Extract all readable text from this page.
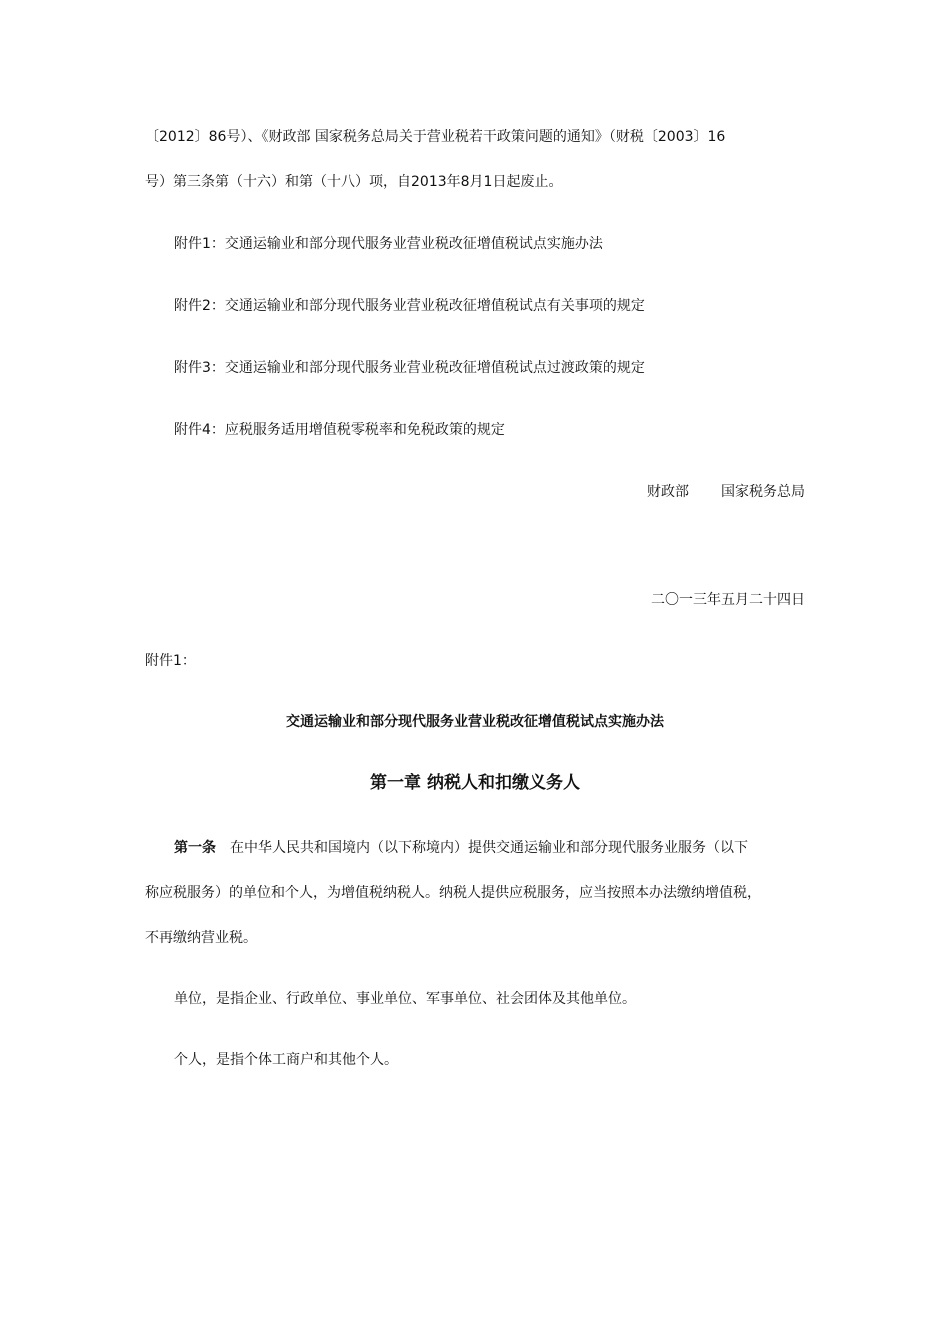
〔2012〕86号）、《财政部 国家税务总局关于营业税若干政策问题的通知》（财税〔2003〕16
号）第三条第（十六）和第（十八）项，自2013年8月1日起废止。
附件1：交通运输业和部分现代服务业营业税改征增值税试点实施办法
附件2：交通运输业和部分现代服务业营业税改征增值税试点有关事项的规定
附件3：交通运输业和部分现代服务业营业税改征增值税试点过渡政策的规定
附件4：应税服务适用增值税零税率和免税政策的规定
财政部 国家税务总局
二〇一三年五月二十四日
附件1：
交通运输业和部分现代服务业营业税改征增值税试点实施办法
第一章 纳税人和扣缴义务人
第一条 在中华人民共和国境内（以下称境内）提供交通运输业和部分现代服务业服务（以下
称应税服务）的单位和个人，为增值税纳税人。纳税人提供应税服务，应当按照本办法缴纳增值税，
不再缴纳营业税。
单位，是指企业、行政单位、事业单位、军事单位、社会团体及其他单位。
个人，是指个体工商户和其他个人。
